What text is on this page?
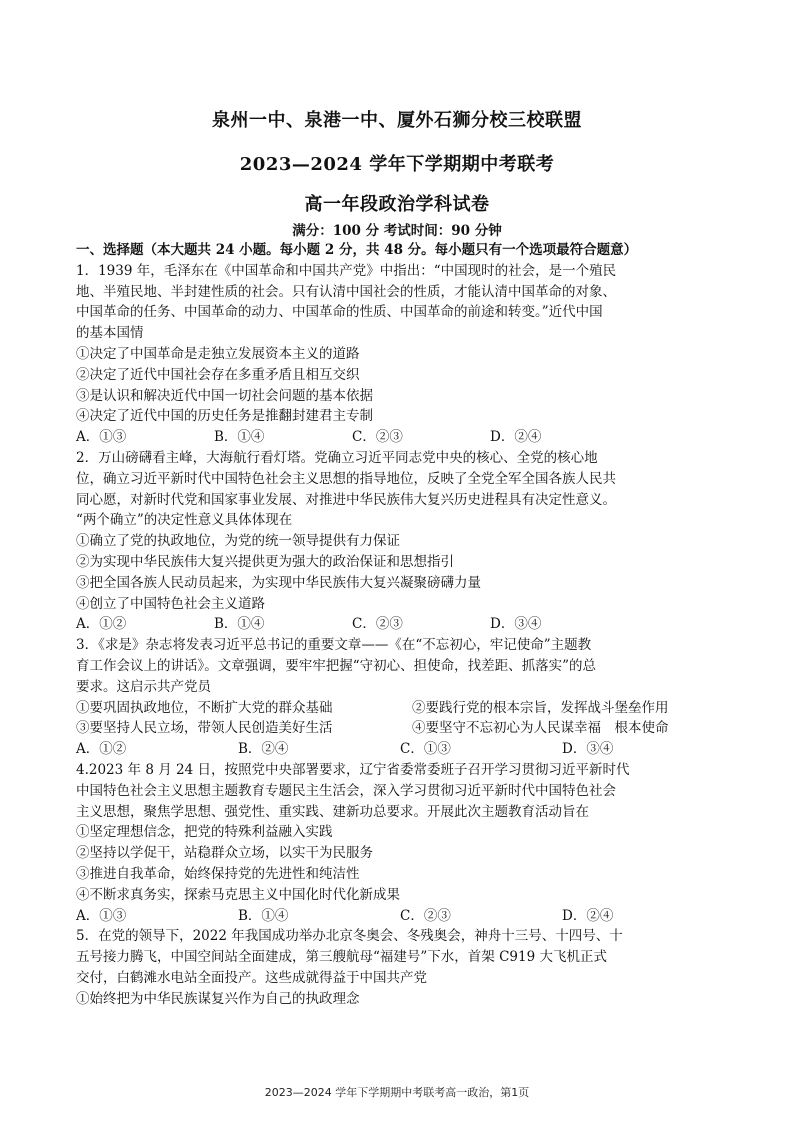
泉州一中、泉港一中、厦外石狮分校三校联盟
2023—2024 学年下学期期中考联考
高一年段政治学科试卷
满分：100 分 考试时间：90 分钟
一、选择题（本大题共 24 小题。每小题 2 分，共 48 分。每小题只有一个选项最符合题意）
1．1939 年，毛泽东在《中国革命和中国共产党》中指出：“中国现时的社会，是一个殖民
地、半殖民地、半封建性质的社会。只有认清中国社会的性质，才能认清中国革命的对象、
中国革命的任务、中国革命的动力、中国革命的性质、中国革命的前途和转变。”近代中国
的基本国情
①决定了中国革命是走独立发展资本主义的道路
②决定了近代中国社会存在多重矛盾且相互交织
③是认识和解决近代中国一切社会问题的基本依据
④决定了近代中国的历史任务是推翻封建君主专制
A．①③	B．①④	C．②③	D．②④
2．万山磅礴看主峰，大海航行看灯塔。党确立习近平同志党中央的核心、全党的核心地
位，确立习近平新时代中国特色社会主义思想的指导地位，反映了全党全军全国各族人民共
同心愿，对新时代党和国家事业发展、对推进中华民族伟大复兴历史进程具有决定性意义。
“两个确立”的决定性意义具体体现在
①确立了党的执政地位，为党的统一领导提供有力保证
②为实现中华民族伟大复兴提供更为强大的政治保证和思想指引
③把全国各族人民动员起来，为实现中华民族伟大复兴凝聚磅礴力量
④创立了中国特色社会主义道路
A．①②	B．①④	C．②③	D．③④
3．《求是》杂志将发表习近平总书记的重要文章——《在“不忘初心，牢记使命”主题教
育工作会议上的讲话》。文章强调，要牢牢把握“守初心、担使命，找差距、抓落实”的总
要求。这启示共产党员
①要巩固执政地位，不断扩大党的群众基础	②要践行党的根本宗旨，发挥战斗堡垒作用
③要坚持人民立场，带领人民创造美好生活	④要坚守不忘初心为人民谋幸福　根本使命
A．①②	B．②④	C．①③	D．③④
4.2023 年 8 月 24 日，按照党中央部署要求，辽宁省委常委班子召开学习贯彻习近平新时代
中国特色社会主义思想主题教育专题民主生活会，深入学习贯彻习近平新时代中国特色社会
主义思想，聚焦学思想、强党性、重实践、建新功总要求。开展此次主题教育活动旨在
①坚定理想信念，把党的特殊利益融入实践
②坚持以学促干，站稳群众立场，以实干为民服务
③推进自我革命，始终保持党的先进性和纯洁性
④不断求真务实，探索马克思主义中国化时代化新成果
A．①③	B．①④	C．②③	D．②④
5．在党的领导下，2022 年我国成功举办北京冬奥会、冬残奥会，神舟十三号、十四号、十
五号接力腾飞，中国空间站全面建成，第三艘航母“福建号”下水，首架 C919 大飞机正式
交付，白鹤滩水电站全面投产。这些成就得益于中国共产党
①始终把为中华民族谋复兴作为自己的执政理念
2023—2024 学年下学期期中考联考高一政治，第1页
